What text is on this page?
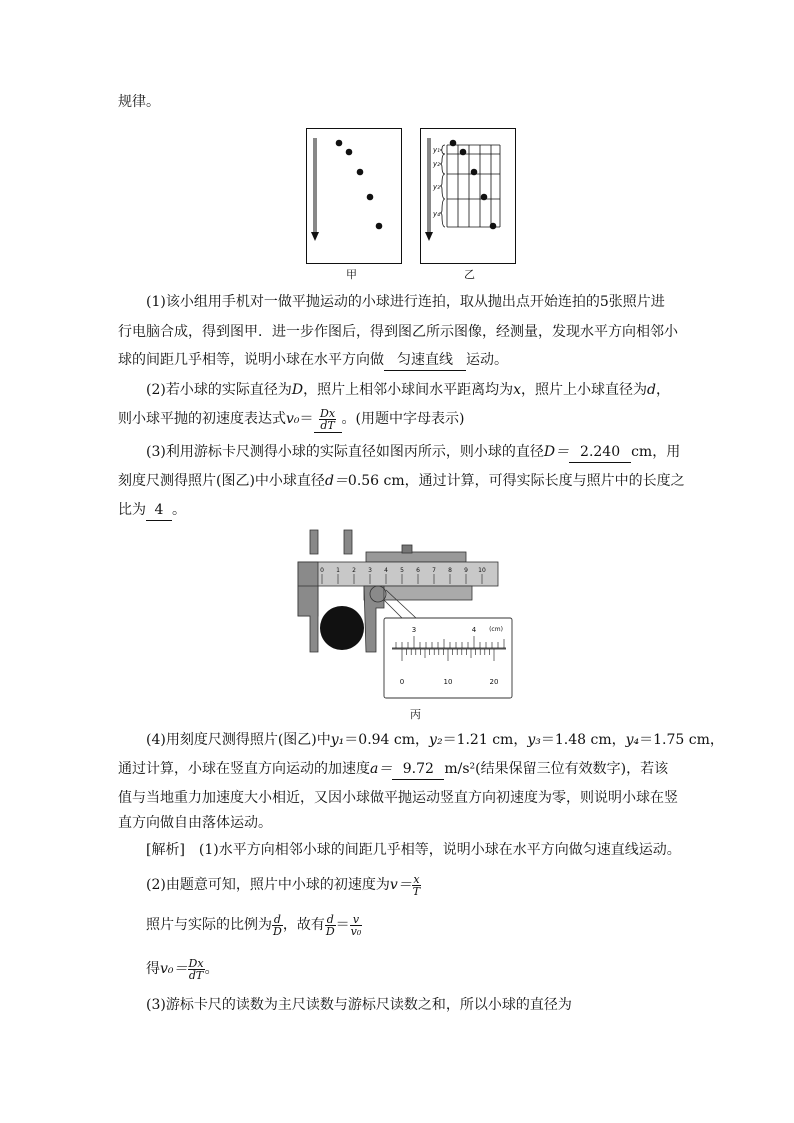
规律。
甲
y₁
y₂
y₃
y₄
乙
(1)该小组用手机对一做平抛运动的小球进行连拍，取从抛出点开始连拍的5张照片进
行电脑合成，得到图甲．进一步作图后，得到图乙所示图像，经测量，发现水平方向相邻小
球的间距几乎相等，说明小球在水平方向做 匀速直线 运动。
(2)若小球的实际直径为D，照片上相邻小球间水平距离均为x，照片上小球直径为d，
则小球平抛的初速度表达式$v_0= \frac{Dx}{dT}$ 。(用题中字母表示)
(3)利用游标卡尺测得小球的实际直径如图丙所示，则小球的直径D＝ 2.240 cm，用
刻度尺测得照片(图乙)中小球直径d＝0.56 cm，通过计算，可得实际长度与照片中的长度之
比为 4 。
0 1 2 3 4 5 6 7 8 9 10
3	4 (cm)
0	10	20
丙
(4)用刻度尺测得照片(图乙)中y₁＝0.94 cm，y₂＝1.21 cm，y₃＝1.48 cm，y₄＝1.75 cm，
通过计算，小球在竖直方向运动的加速度a＝ 9.72 m/s²(结果保留三位有效数字)，若该
值与当地重力加速度大小相近，又因小球做平抛运动竖直方向初速度为零，则说明小球在竖
直方向做自由落体运动。
[解析]　(1)水平方向相邻小球的间距几乎相等，说明小球在水平方向做匀速直线运动。
(2)由题意可知，照片中小球的初速度为$v= \frac{x}{T}$
照片与实际的比例为 $\frac{d}{D}$ ，故有 $\frac{d}{D} = \frac{v}{\text{v₀}}$
得$v_0= \frac{Dx}{dT}$ 。
(3)游标卡尺的读数为主尺读数与游标尺读数之和，所以小球的直径为
